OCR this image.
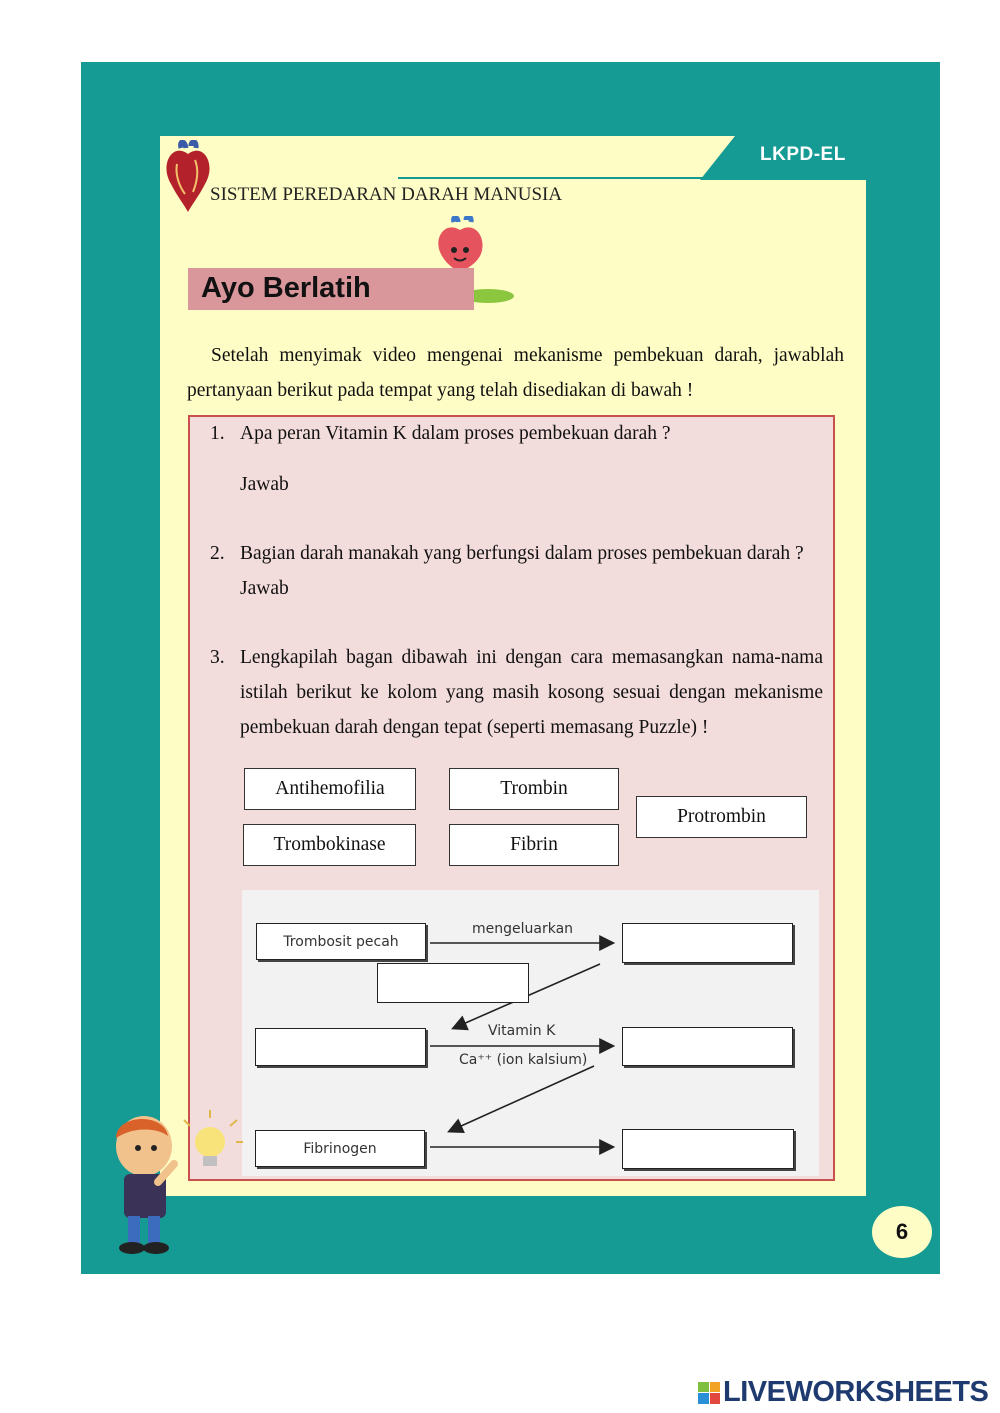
LKPD-EL
SISTEM PEREDARAN DARAH MANUSIA
Ayo Berlatih
Setelah menyimak video mengenai mekanisme pembekuan darah, jawablah pertanyaan berikut pada tempat yang telah disediakan di bawah !
1. Apa peran Vitamin K dalam proses pembekuan darah ?
Jawab
2. Bagian darah manakah yang berfungsi dalam proses pembekuan darah ?
Jawab
3. Lengkapilah bagan dibawah ini dengan cara memasangkan nama-nama istilah berikut ke kolom yang masih kosong sesuai dengan mekanisme pembekuan darah dengan tepat (seperti memasang Puzzle) !
Antihemofilia	Trombin
Protrombin
Trombokinase	Fibrin
Trombosit pecah
mengeluarkan
Vitamin K
Ca⁺⁺ (ion kalsium)
Fibrinogen
6
LIVEWORKSHEETS
